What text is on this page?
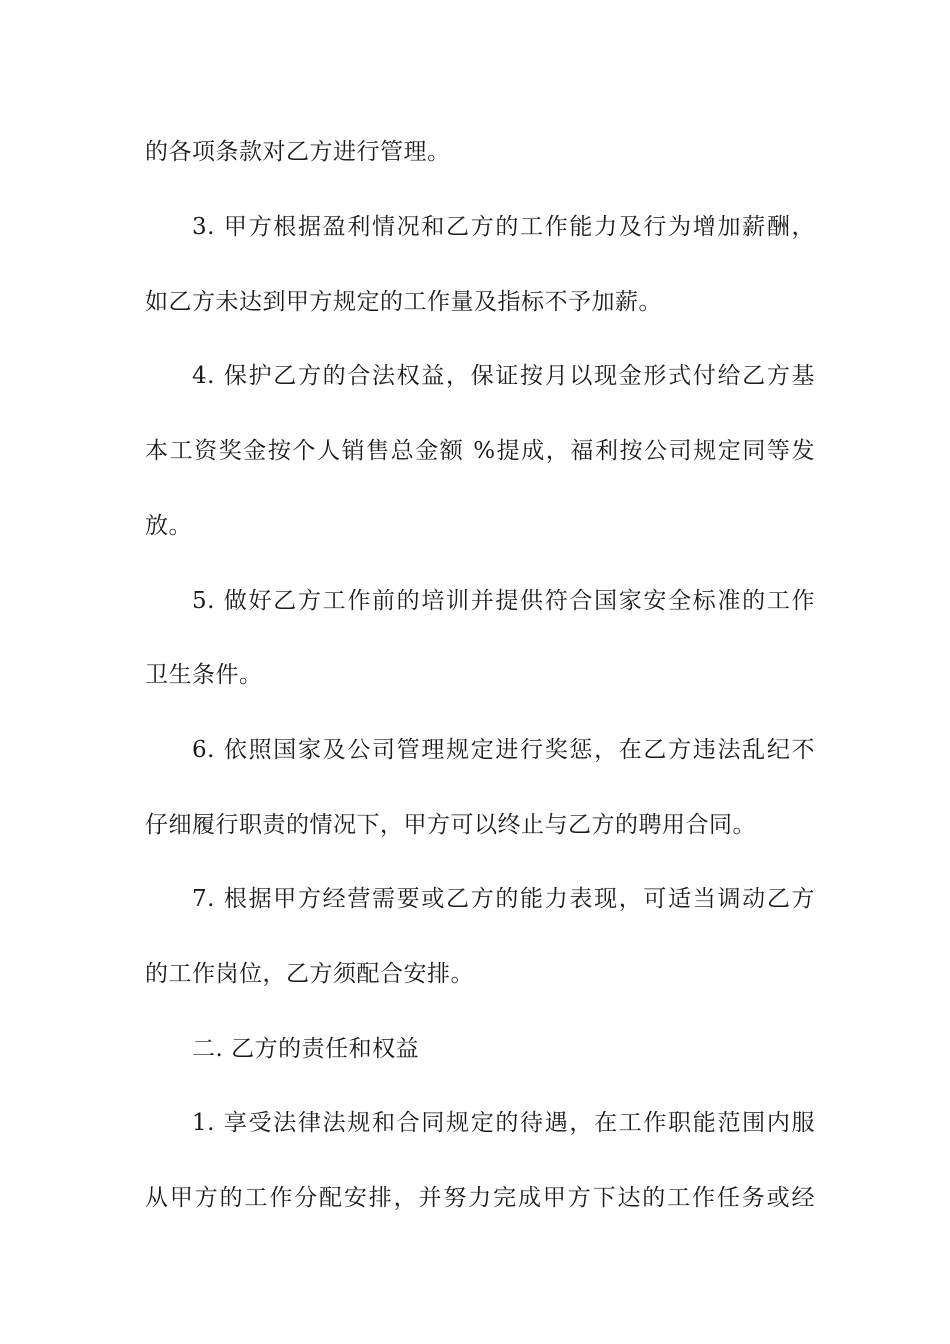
的各项条款对乙方进行管理。
3. 甲方根据盈利情况和乙方的工作能力及行为增加薪酬，
如乙方未达到甲方规定的工作量及指标不予加薪。
4. 保护乙方的合法权益，保证按月以现金形式付给乙方基
本工资奖金按个人销售总金额 %提成，福利按公司规定同等发
放。
5. 做好乙方工作前的培训并提供符合国家安全标准的工作
卫生条件。
6. 依照国家及公司管理规定进行奖惩，在乙方违法乱纪不
仔细履行职责的情况下，甲方可以终止与乙方的聘用合同。
7. 根据甲方经营需要或乙方的能力表现，可适当调动乙方
的工作岗位，乙方须配合安排。
二. 乙方的责任和权益
1. 享受法律法规和合同规定的待遇，在工作职能范围内服
从甲方的工作分配安排，并努力完成甲方下达的工作任务或经
